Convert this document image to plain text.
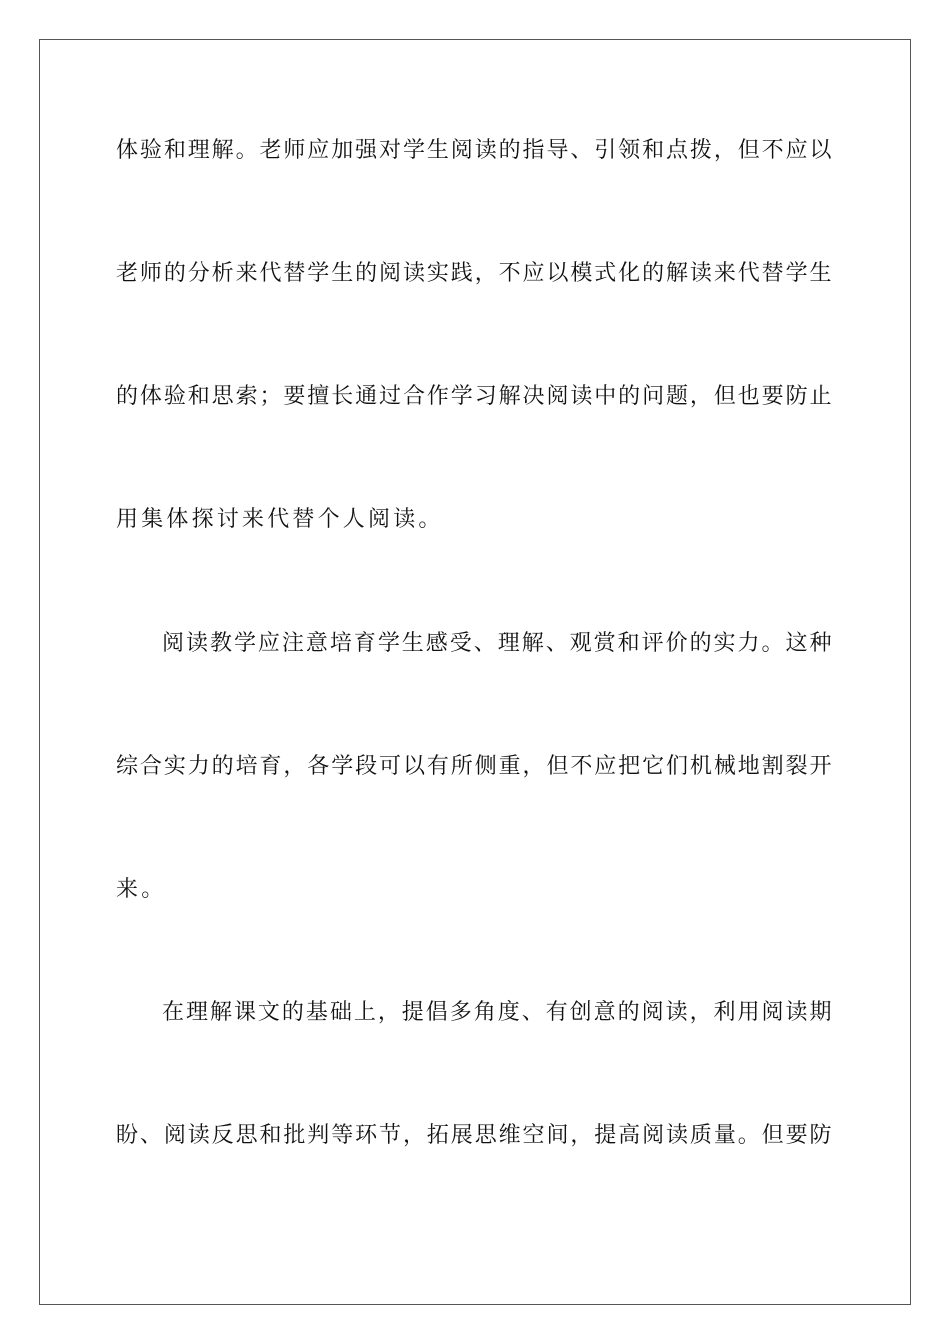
体验和理解。老师应加强对学生阅读的指导、引领和点拨，但不应以
老师的分析来代替学生的阅读实践，不应以模式化的解读来代替学生
的体验和思索；要擅长通过合作学习解决阅读中的问题，但也要防止
用集体探讨来代替个人阅读。
阅读教学应注意培育学生感受、理解、观赏和评价的实力。这种
综合实力的培育，各学段可以有所侧重，但不应把它们机械地割裂开
来。
在理解课文的基础上，提倡多角度、有创意的阅读，利用阅读期
盼、阅读反思和批判等环节，拓展思维空间，提高阅读质量。但要防
